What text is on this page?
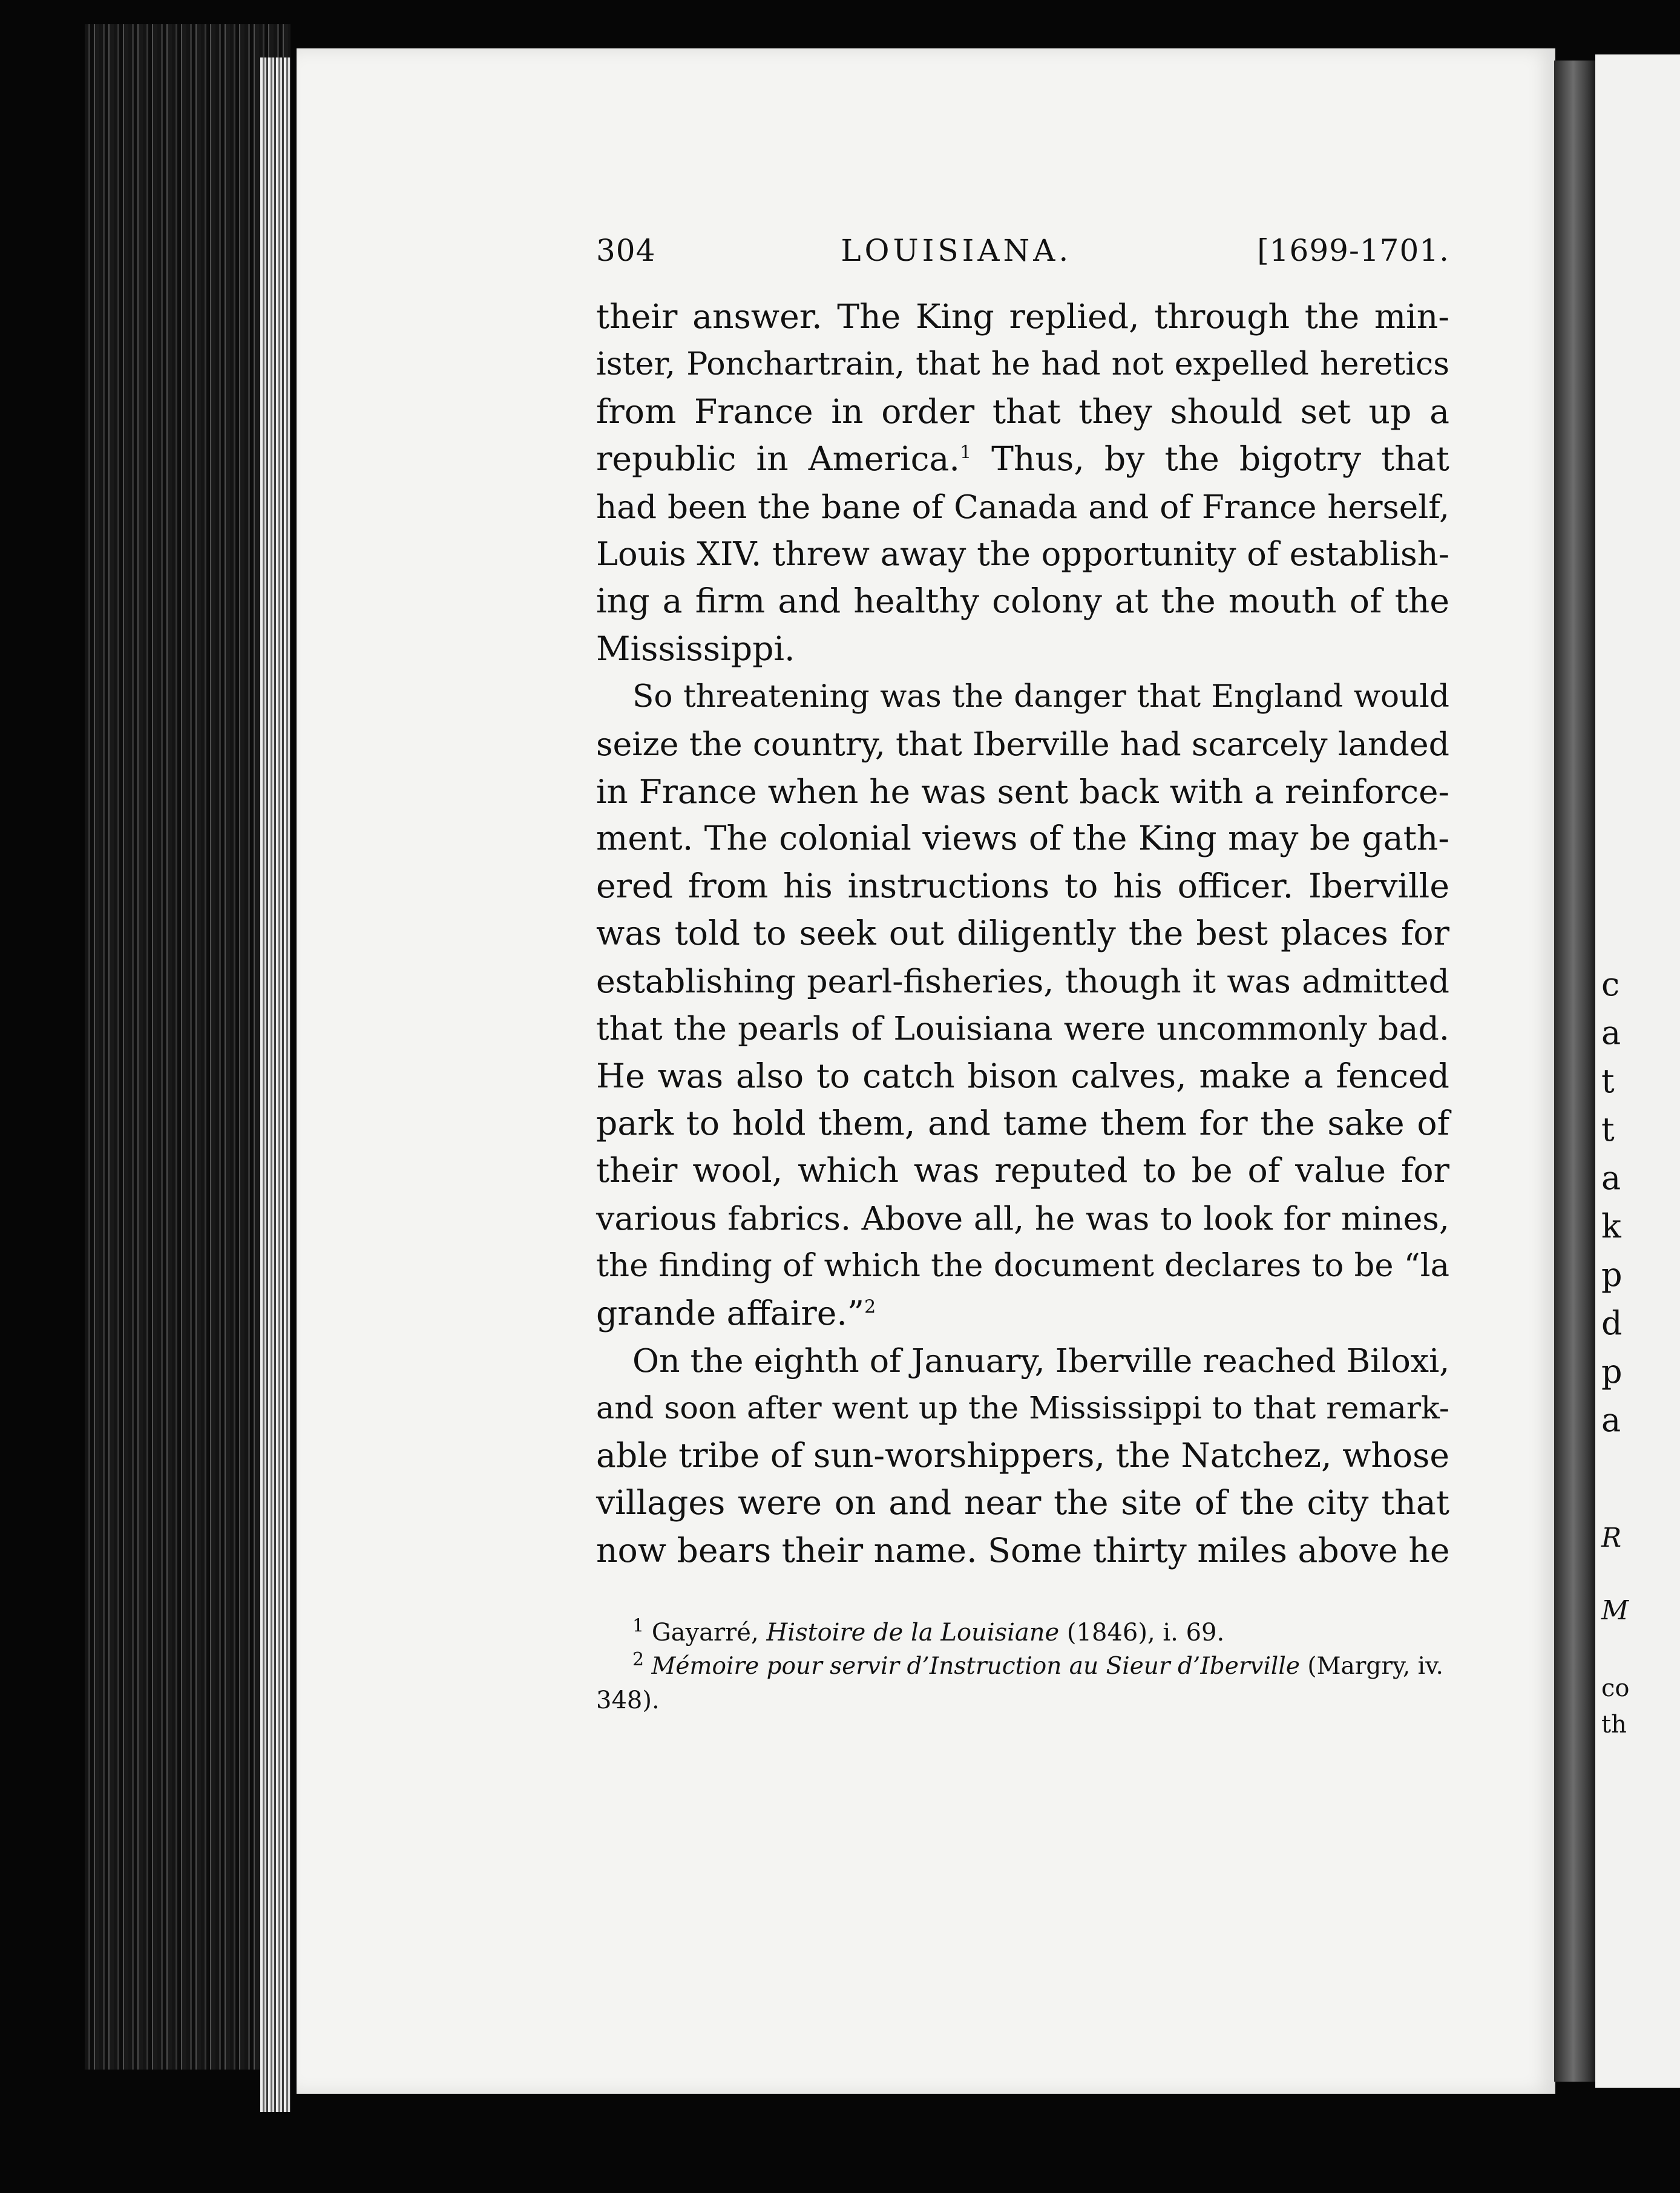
c
a
t
t
a
k
p
d
p
a
R
M
co
th
304	LOUISIANA.	[1699-1701.
their answer. The King replied, through the min-
ister, Ponchartrain, that he had not expelled heretics
from France in order that they should set up a
republic in America.$^1$ Thus, by the bigotry that
had been the bane of Canada and of France herself,
Louis XIV. threw away the opportunity of establish-
ing a firm and healthy colony at the mouth of the
Mississippi.
So threatening was the danger that England would
seize the country, that Iberville had scarcely landed
in France when he was sent back with a reinforce-
ment. The colonial views of the King may be gath-
ered from his instructions to his officer. Iberville
was told to seek out diligently the best places for
establishing pearl-fisheries, though it was admitted
that the pearls of Louisiana were uncommonly bad.
He was also to catch bison calves, make a fenced
park to hold them, and tame them for the sake of
their wool, which was reputed to be of value for
various fabrics. Above all, he was to look for mines,
the finding of which the document declares to be “la
grande affaire.”$^2$
On the eighth of January, Iberville reached Biloxi,
and soon after went up the Mississippi to that remark-
able tribe of sun-worshippers, the Natchez, whose
villages were on and near the site of the city that
now bears their name. Some thirty miles above he
$^1$ Gayarré, Histoire de la Louisiane (1846), i. 69.
$^2$ Mémoire pour servir d’Instruction au Sieur d’Iberville (Margry, iv.
348).
